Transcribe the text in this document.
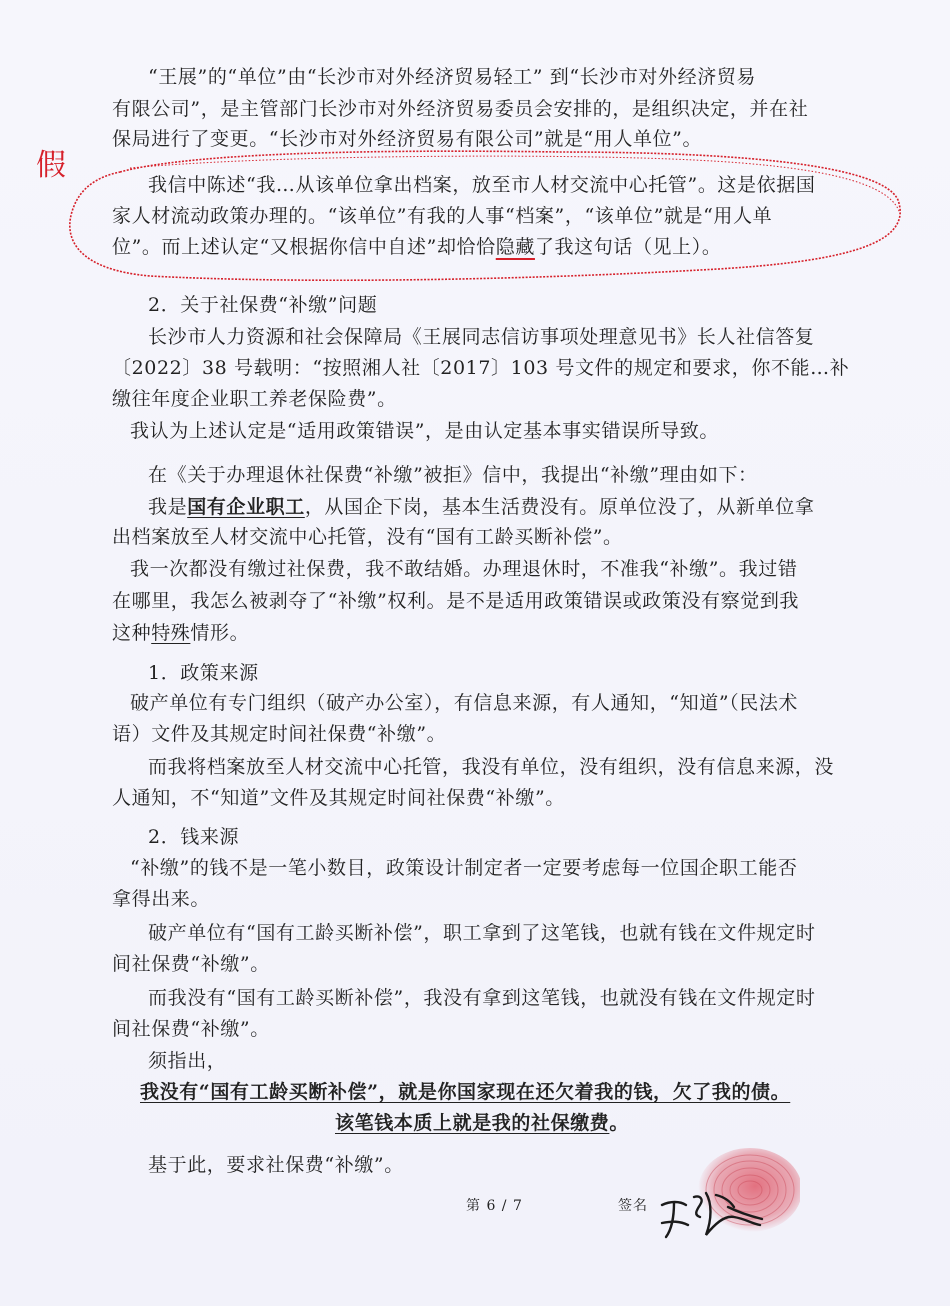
假
“王展”的“单位”由“长沙市对外经济贸易轻工” 到“长沙市对外经济贸易
有限公司”，是主管部门长沙市对外经济贸易委员会安排的，是组织决定，并在社
保局进行了变更。“长沙市对外经济贸易有限公司”就是“用人单位”。
我信中陈述“我…从该单位拿出档案，放至市人材交流中心托管”。这是依据国
家人材流动政策办理的。“该单位”有我的人事“档案”，“该单位”就是“用人单
位”。而上述认定“又根据你信中自述”却恰恰隐藏了我这句话（见上）。
2．关于社保费“补缴”问题
长沙市人力资源和社会保障局《王展同志信访事项处理意见书》长人社信答复
〔2022〕38 号载明：“按照湘人社〔2017〕103 号文件的规定和要求，你不能…补
缴往年度企业职工养老保险费”。
我认为上述认定是“适用政策错误”，是由认定基本事实错误所导致。
在《关于办理退休社保费“补缴”被拒》信中，我提出“补缴”理由如下：
我是国有企业职工，从国企下岗，基本生活费没有。原单位没了，从新单位拿
出档案放至人材交流中心托管，没有“国有工龄买断补偿”。
我一次都没有缴过社保费，我不敢结婚。办理退休时，不准我“补缴”。我过错
在哪里，我怎么被剥夺了“补缴”权利。是不是适用政策错误或政策没有察觉到我
这种特殊情形。
1．政策来源
破产单位有专门组织（破产办公室），有信息来源，有人通知，“知道”（民法术
语）文件及其规定时间社保费“补缴”。
而我将档案放至人材交流中心托管，我没有单位，没有组织，没有信息来源，没
人通知，不“知道”文件及其规定时间社保费“补缴”。
2．钱来源
“补缴”的钱不是一笔小数目，政策设计制定者一定要考虑每一位国企职工能否
拿得出来。
破产单位有“国有工龄买断补偿”，职工拿到了这笔钱，也就有钱在文件规定时
间社保费“补缴”。
而我没有“国有工龄买断补偿”，我没有拿到这笔钱，也就没有钱在文件规定时
间社保费“补缴”。
须指出，
我没有“国有工龄买断补偿”，就是你国家现在还欠着我的钱，欠了我的债。
该笔钱本质上就是我的社保缴费。
基于此，要求社保费“补缴”。
第 6 / 7	签名
